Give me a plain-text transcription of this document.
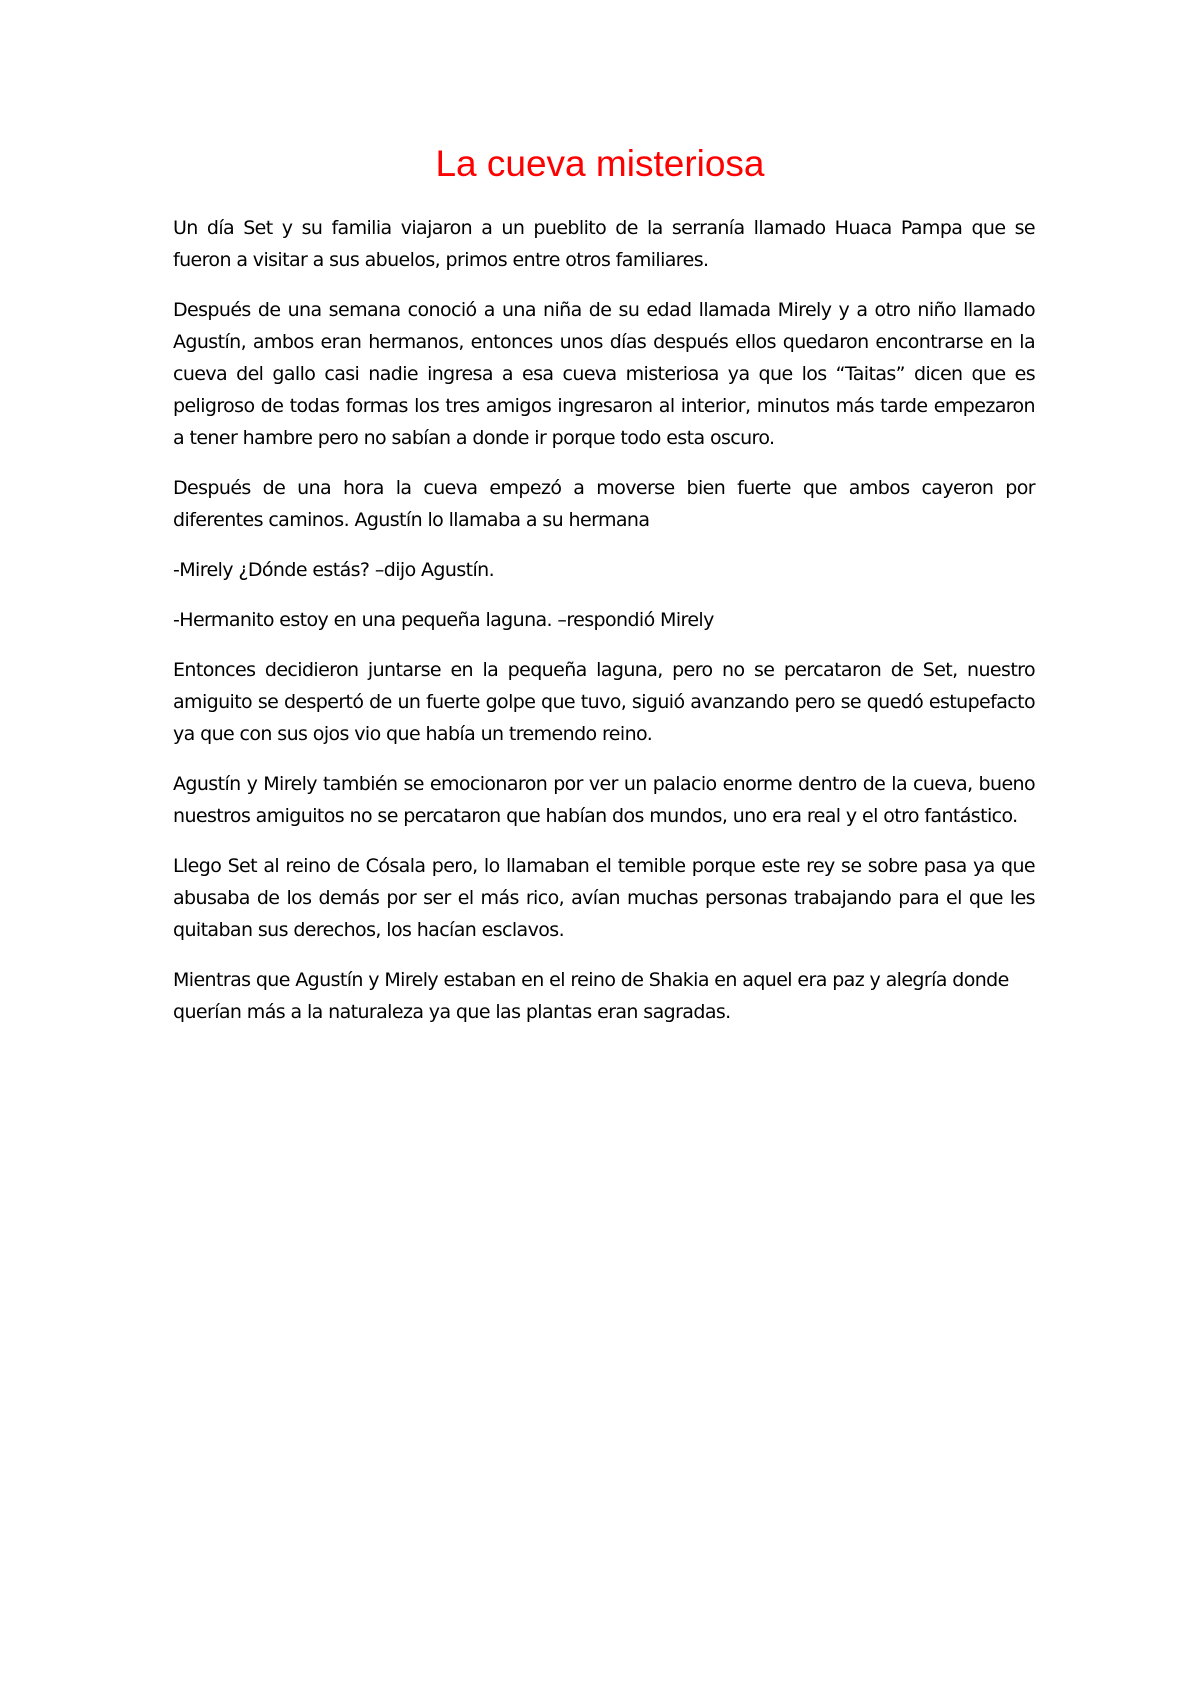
La cueva misteriosa

Un día Set y su familia viajaron a un pueblito de la serranía llamado Huaca Pampa que se fueron a visitar a sus abuelos, primos entre otros familiares.

Después de una semana conoció a una niña de su edad llamada Mirely y a otro niño llamado Agustín, ambos eran hermanos, entonces unos días después ellos quedaron encontrarse en la cueva del gallo casi nadie ingresa a esa cueva misteriosa ya que los “Taitas” dicen que es peligroso de todas formas los tres amigos ingresaron al interior, minutos más tarde empezaron a tener hambre pero no sabían a donde ir porque todo esta oscuro.

Después de una hora la cueva empezó a moverse bien fuerte que ambos cayeron por diferentes caminos. Agustín lo llamaba a su hermana

-Mirely ¿Dónde estás? –dijo Agustín.

-Hermanito estoy en una pequeña laguna. –respondió Mirely

Entonces decidieron juntarse en la pequeña laguna, pero no se percataron de Set, nuestro amiguito se despertó de un fuerte golpe que tuvo, siguió avanzando pero se quedó estupefacto ya que con sus ojos vio que había un tremendo reino.

Agustín y Mirely también se emocionaron por ver un palacio enorme dentro de la cueva, bueno nuestros amiguitos no se percataron que habían dos mundos, uno era real y el otro fantástico.

Llego Set al reino de Cósala pero, lo llamaban el temible porque este rey se sobre pasa ya que abusaba de los demás por ser el más rico, avían muchas personas trabajando para el que les quitaban sus derechos, los hacían esclavos.

Mientras que Agustín y Mirely estaban en el reino de Shakia en aquel era paz y alegría donde querían más a la naturaleza ya que las plantas eran sagradas.
